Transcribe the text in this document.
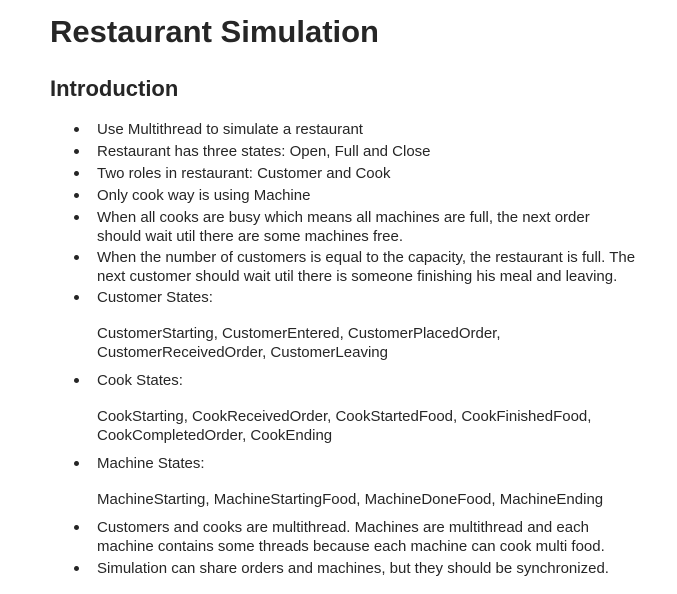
Restaurant Simulation
Introduction
Use Multithread to simulate a restaurant
Restaurant has three states: Open, Full and Close
Two roles in restaurant: Customer and Cook
Only cook way is using Machine
When all cooks are busy which means all machines are full, the next order
should wait util there are some machines free.
When the number of customers is equal to the capacity, the restaurant is full. The
next customer should wait util there is someone finishing his meal and leaving.
Customer States:
CustomerStarting, CustomerEntered, CustomerPlacedOrder,
CustomerReceivedOrder, CustomerLeaving
Cook States:
CookStarting, CookReceivedOrder, CookStartedFood, CookFinishedFood,
CookCompletedOrder, CookEnding
Machine States:
MachineStarting, MachineStartingFood, MachineDoneFood, MachineEnding
Customers and cooks are multithread. Machines are multithread and each
machine contains some threads because each machine can cook multi food.
Simulation can share orders and machines, but they should be synchronized.
